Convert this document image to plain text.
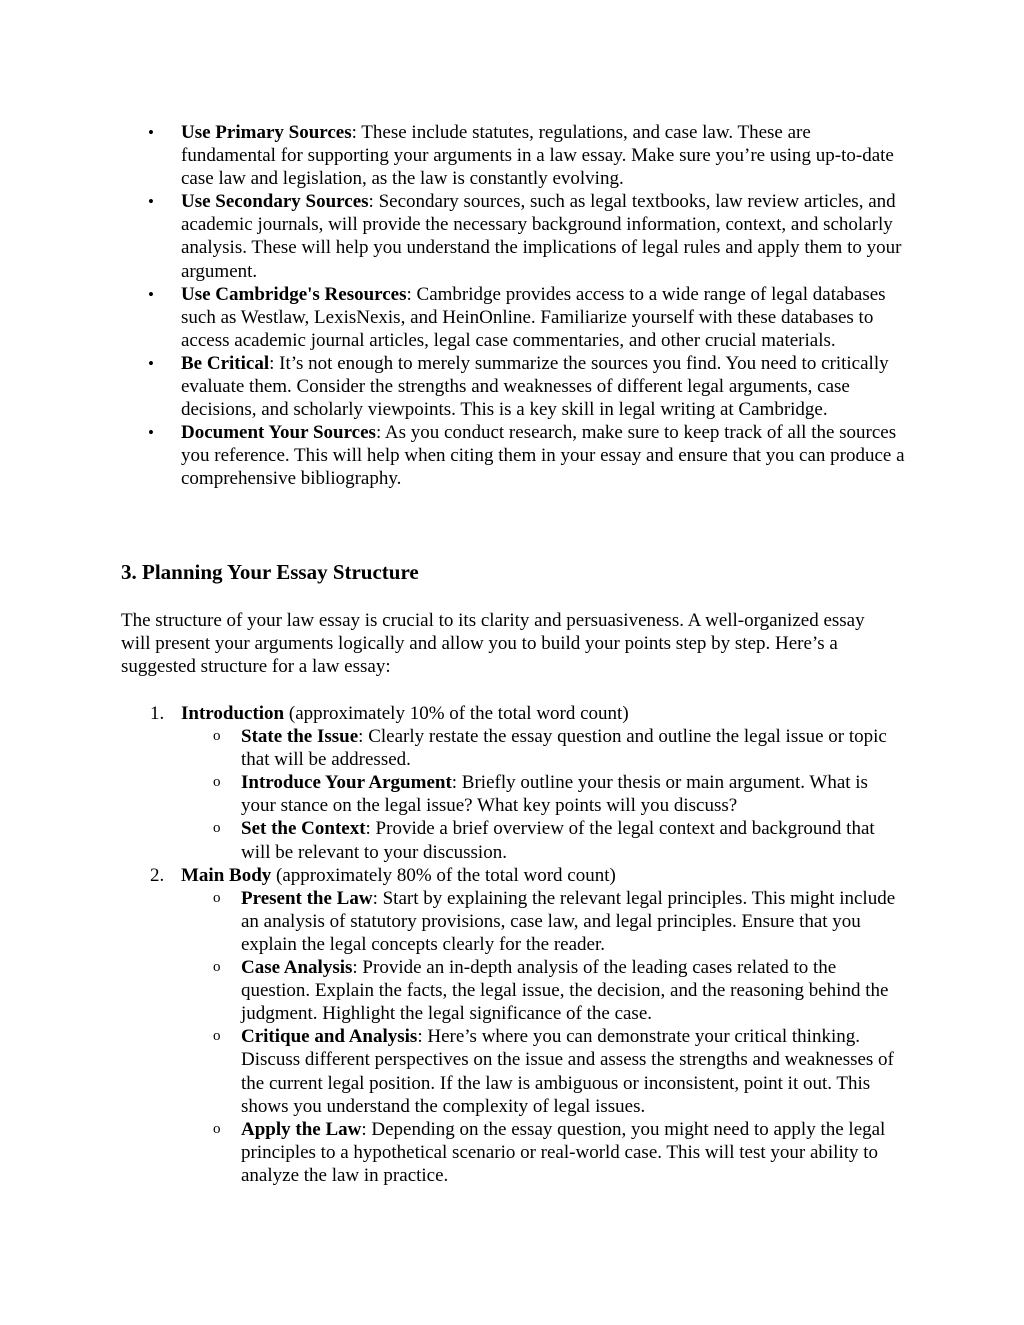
• Use Primary Sources: These include statutes, regulations, and case law. These are fundamental for supporting your arguments in a law essay. Make sure you’re using up-to-date case law and legislation, as the law is constantly evolving.
• Use Secondary Sources: Secondary sources, such as legal textbooks, law review articles, and academic journals, will provide the necessary background information, context, and scholarly analysis. These will help you understand the implications of legal rules and apply them to your argument.
• Use Cambridge's Resources: Cambridge provides access to a wide range of legal databases such as Westlaw, LexisNexis, and HeinOnline. Familiarize yourself with these databases to access academic journal articles, legal case commentaries, and other crucial materials.
• Be Critical: It’s not enough to merely summarize the sources you find. You need to critically evaluate them. Consider the strengths and weaknesses of different legal arguments, case decisions, and scholarly viewpoints. This is a key skill in legal writing at Cambridge.
• Document Your Sources: As you conduct research, make sure to keep track of all the sources you reference. This will help when citing them in your essay and ensure that you can produce a comprehensive bibliography.
3. Planning Your Essay Structure

The structure of your law essay is crucial to its clarity and persuasiveness. A well-organized essay will present your arguments logically and allow you to build your points step by step. Here’s a suggested structure for a law essay:

1. Introduction (approximately 10% of the total word count)
o State the Issue: Clearly restate the essay question and outline the legal issue or topic that will be addressed.
o Introduce Your Argument: Briefly outline your thesis or main argument. What is your stance on the legal issue? What key points will you discuss?
o Set the Context: Provide a brief overview of the legal context and background that will be relevant to your discussion.
2. Main Body (approximately 80% of the total word count)
o Present the Law: Start by explaining the relevant legal principles. This might include an analysis of statutory provisions, case law, and legal principles. Ensure that you explain the legal concepts clearly for the reader.
o Case Analysis: Provide an in-depth analysis of the leading cases related to the question. Explain the facts, the legal issue, the decision, and the reasoning behind the judgment. Highlight the legal significance of the case.
o Critique and Analysis: Here’s where you can demonstrate your critical thinking. Discuss different perspectives on the issue and assess the strengths and weaknesses of the current legal position. If the law is ambiguous or inconsistent, point it out. This shows you understand the complexity of legal issues.
o Apply the Law: Depending on the essay question, you might need to apply the legal principles to a hypothetical scenario or real-world case. This will test your ability to analyze the law in practice.
